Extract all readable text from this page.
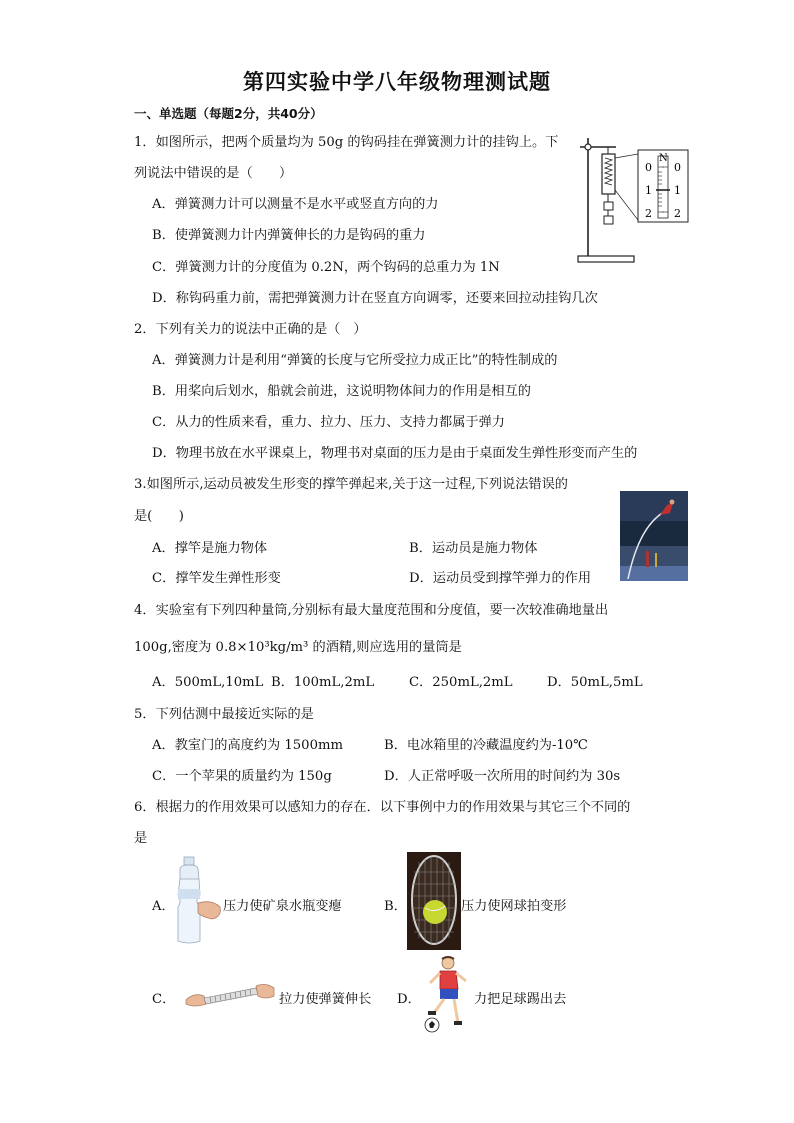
第四实验中学八年级物理测试题
一、单选题（每题2分，共40分）
1．如图所示，把两个质量均为 50g 的钩码挂在弹簧测力计的挂钩上。下
列说法中错误的是（　　）
A．弹簧测力计可以测量不是水平或竖直方向的力
B．使弹簧测力计内弹簧伸长的力是钩码的重力
C．弹簧测力计的分度值为 0.2N，两个钩码的总重力为 1N
D．称钩码重力前，需把弹簧测力计在竖直方向调零，还要来回拉动挂钩几次
N
0
1
2
0
1
2
2．下列有关力的说法中正确的是（　）
A．弹簧测力计是利用“弹簧的长度与它所受拉力成正比”的特性制成的
B．用桨向后划水，船就会前进，这说明物体间力的作用是相互的
C．从力的性质来看，重力、拉力、压力、支持力都属于弹力
D．物理书放在水平课桌上，物理书对桌面的压力是由于桌面发生弹性形变而产生的
3.如图所示,运动员被发生形变的撑竿弹起来,关于这一过程,下列说法错误的
是(　　)
A．撑竿是施力物体	B．运动员是施力物体
C．撑竿发生弹性形变	D．运动员受到撑竿弹力的作用
4．实验室有下列四种量筒,分别标有最大量度范围和分度值，要一次较准确地量出
100g,密度为 0.8×10³kg/m³ 的酒精,则应选用的量筒是
A．500mL,10mL B．100mL,2mL	C．250mL,2mL	D．50mL,5mL
5．下列估测中最接近实际的是
A．教室门的高度约为 1500mm	B．电冰箱里的冷藏温度约为-10℃
C．一个苹果的质量约为 150g	D．人正常呼吸一次所用的时间约为 30s
6．根据力的作用效果可以感知力的存在．以下事例中力的作用效果与其它三个不同的
是
A．	压力使矿泉水瓶变瘪	B．	压力使网球拍变形
C．	拉力使弹簧伸长 D．	力把足球踢出去
